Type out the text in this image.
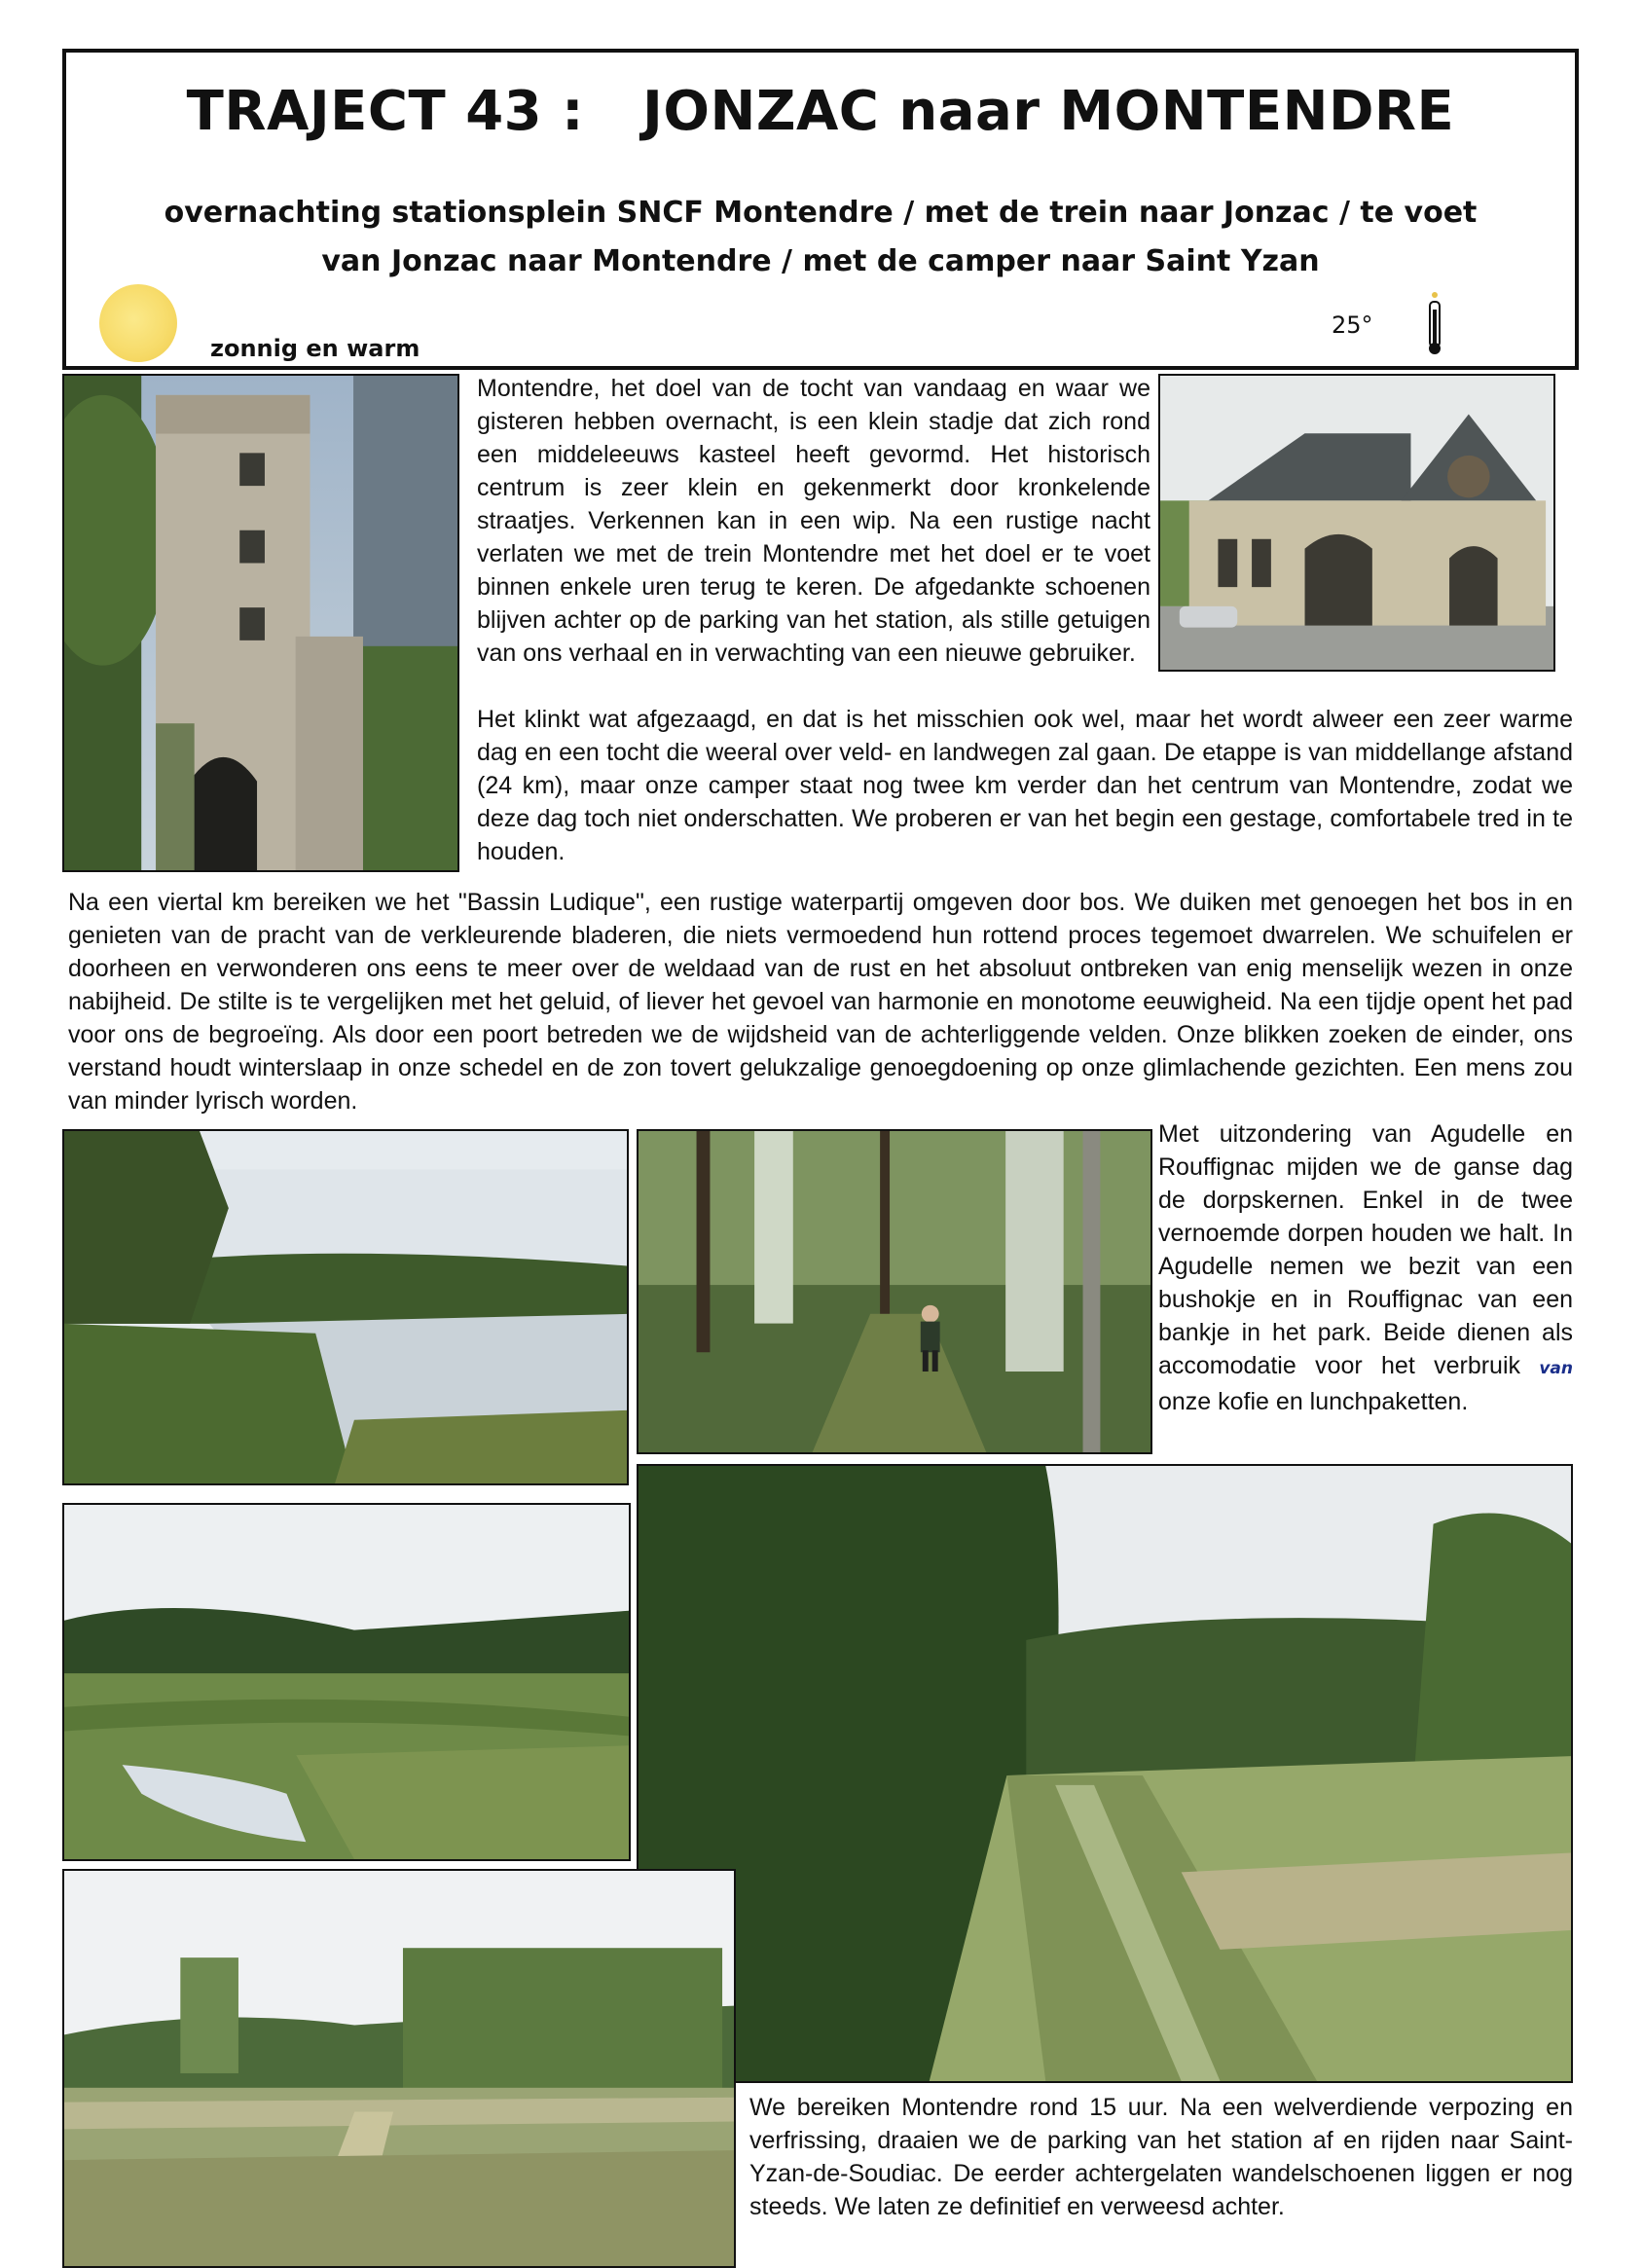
TRAJECT 43 :   JONZAC naar MONTENDRE
overnachting stationsplein SNCF Montendre / met de trein naar Jonzac / te voet van Jonzac naar Montendre / met de camper naar Saint Yzan
zonnig en warm
25°

Montendre, het doel van de tocht van vandaag en waar we gisteren hebben overnacht, is een klein stadje dat zich rond een middeleeuws kasteel heeft gevormd. Het historisch centrum is zeer klein en gekenmerkt door kronkelende straatjes. Verkennen kan in een wip. Na een rustige nacht verlaten we met de trein Montendre met het doel er te voet binnen enkele uren terug te keren. De afgedankte schoenen blijven achter op de parking van het station, als stille getuigen van ons verhaal en in verwachting van een nieuwe gebruiker.

Het klinkt wat afgezaagd, en dat is het misschien ook wel, maar het wordt alweer een zeer warme dag en een tocht die weeral over veld- en landwegen zal gaan. De etappe is van middellange afstand (24 km), maar onze camper staat nog twee km verder dan het centrum van Montendre, zodat we deze dag toch niet onderschatten. We proberen er van het begin een gestage, comfortabele tred in te houden.

Na een viertal km bereiken we het "Bassin Ludique", een rustige waterpartij omgeven door bos. We duiken met genoegen het bos in en genieten van de pracht van de verkleurende bladeren, die niets vermoedend hun rottend proces tegemoet dwarrelen. We schuifelen er doorheen en verwonderen ons eens te meer over de weldaad van de rust en het absoluut ontbreken van enig menselijk wezen in onze nabijheid. De stilte is te vergelijken met het geluid, of liever het gevoel van harmonie en monotome eeuwigheid. Na een tijdje opent het pad voor ons de begroeïng. Als door een poort betreden we de wijdsheid van de achterliggende velden. Onze blikken zoeken de einder, ons verstand houdt winterslaap in onze schedel en de zon tovert gelukzalige genoegdoening op onze glimlachende gezichten. Een mens zou van minder lyrisch worden.

Met uitzondering van Agudelle en Rouffignac mijden we de ganse dag de dorpskernen. Enkel in de twee vernoemde dorpen houden we halt. In Agudelle nemen we bezit van een bushokje en in Rouffignac van een bankje in het park. Beide dienen als accomodatie voor het verbruik van onze kofie en lunchpaketten.

We bereiken Montendre rond 15 uur. Na een welverdiende verpozing en verfrissing, draaien we de parking van het station af en rijden naar Saint-Yzan-de-Soudiac. De eerder achtergelaten wandelschoenen liggen er nog steeds. We laten ze definitief en verweesd achter.
